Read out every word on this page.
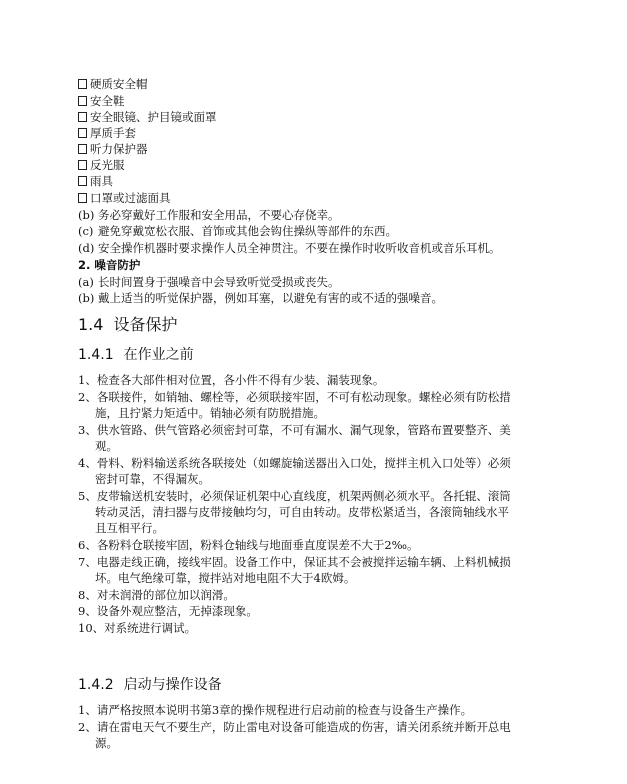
硬质安全帽
安全鞋
安全眼镜、护目镜或面罩
厚质手套
听力保护器
反光服
雨具
口罩或过滤面具
(b) 务必穿戴好工作服和安全用品，不要心存侥幸。
(c) 避免穿戴宽松衣服、首饰或其他会钩住操纵等部件的东西。
(d) 安全操作机器时要求操作人员全神贯注。不要在操作时收听收音机或音乐耳机。
2. 噪音防护
(a) 长时间置身于强噪音中会导致听觉受损或丧失。
(b) 戴上适当的听觉保护器，例如耳塞，以避免有害的或不适的强噪音。
1.4 设备保护
1.4.1 在作业之前
1、检查各大部件相对位置，各小件不得有少装、漏装现象。
2、各联接件，如销轴、螺栓等，必须联接牢固，不可有松动现象。螺栓必须有防松措
施，且拧紧力矩适中。销轴必须有防脱措施。
3、供水管路、供气管路必须密封可靠，不可有漏水、漏气现象，管路布置要整齐、美
观。
4、骨料、粉料输送系统各联接处（如螺旋输送器出入口处，搅拌主机入口处等）必须
密封可靠，不得漏灰。
5、皮带输送机安装时，必须保证机架中心直线度，机架两侧必须水平。各托辊、滚筒
转动灵活，清扫器与皮带接触均匀，可自由转动。皮带松紧适当，各滚筒轴线水平
且互相平行。
6、各粉料仓联接牢固，粉料仓轴线与地面垂直度误差不大于2‰。
7、电器走线正确，接线牢固。设备工作中，保证其不会被搅拌运输车辆、上料机械损
坏。电气绝缘可靠，搅拌站对地电阻不大于4欧姆。
8、对未润滑的部位加以润滑。
9、设备外观应整洁，无掉漆现象。
10、对系统进行调试。
1.4.2 启动与操作设备
1、请严格按照本说明书第3章的操作规程进行启动前的检查与设备生产操作。
2、请在雷电天气不要生产，防止雷电对设备可能造成的伤害，请关闭系统并断开总电
源。
